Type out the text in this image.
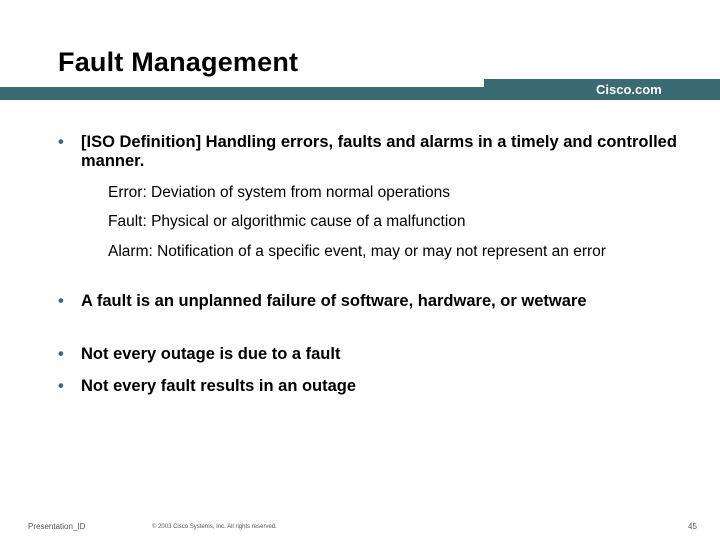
Cisco.com
Fault Management
• [ISO Definition] Handling errors, faults and alarms in a timely and controlled manner.
Error: Deviation of system from normal operations
Fault: Physical or algorithmic cause of a malfunction
Alarm: Notification of a specific event, may or may not represent an error
• A fault is an unplanned failure of software, hardware, or wetware
• Not every outage is due to a fault
• Not every fault results in an outage
Presentation_ID	© 2003 Cisco Systems, Inc. All rights reserved.	45
